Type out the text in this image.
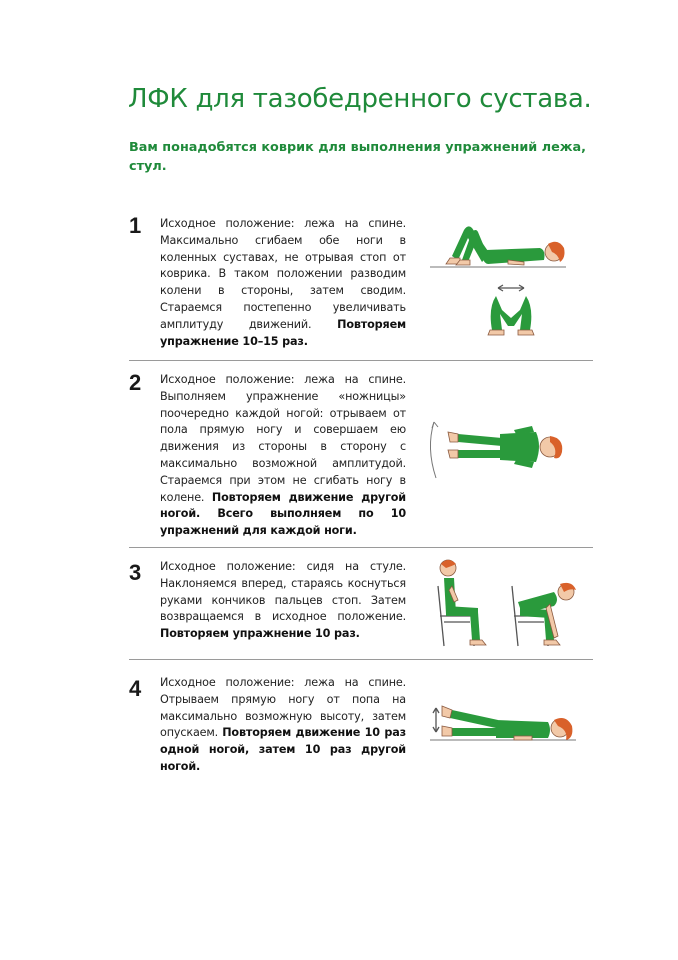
ЛФК для тазобедренного сустава.

Вам понадобятся коврик для выполнения упражнений лежа, стул.

1 Исходное положение: лежа на спине. Максимально сгибаем обе ноги в коленных суставах, не отрывая стоп от коврика. В таком положении разводим колени в стороны, затем сводим. Стараемся постепенно увеличивать амплитуду движений. Повторяем упражнение 10–15 раз.

2 Исходное положение: лежа на спине. Выполняем упражнение «ножницы» поочередно каждой ногой: отрываем от пола прямую ногу и совершаем ею движения из стороны в сторону с максимально возможной амплитудой. Стараемся при этом не сгибать ногу в колене. Повторяем движение другой ногой. Всего выполняем по 10 упражнений для каждой ноги.

3 Исходное положение: сидя на стуле. Наклоняемся вперед, стараясь коснуться руками кончиков пальцев стоп. Затем возвращаемся в исходное положение. Повторяем упражнение 10 раз.

4 Исходное положение: лежа на спине. Отрываем прямую ногу от попа на максимально возможную высоту, затем опускаем. Повторяем движение 10 раз одной ногой, затем 10 раз другой ногой.
